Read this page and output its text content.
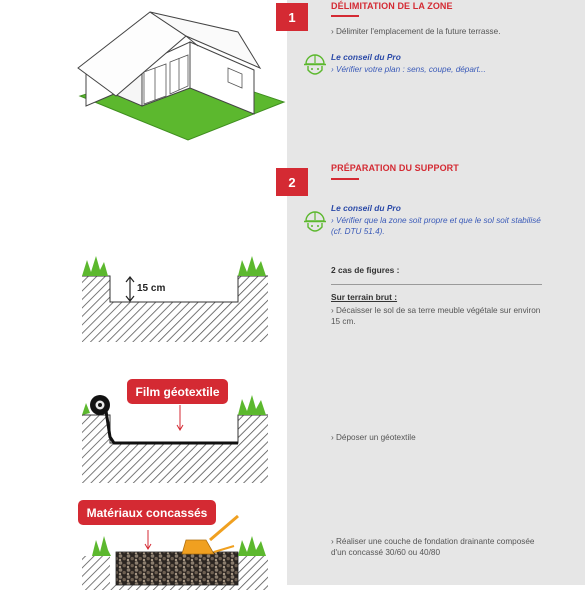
1
DÉLIMITATION DE LA ZONE
› Délimiter l'emplacement de la future terrasse.
Le conseil du Pro
› Vérifier votre plan : sens, coupe, départ...
2
PRÉPARATION DU SUPPORT
Le conseil du Pro
› Vérifier que la zone soit propre et que le sol soit stabilisé (cf. DTU 51.4).
2 cas de figures :
Sur terrain brut :
› Décaisser le sol de sa terre meuble végétale sur environ 15 cm.
› Déposer un géotextile
› Réaliser une couche de fondation drainante composée d'un concassé 30/60 ou 40/80
15 cm
Film géotextile
Matériaux concassés
